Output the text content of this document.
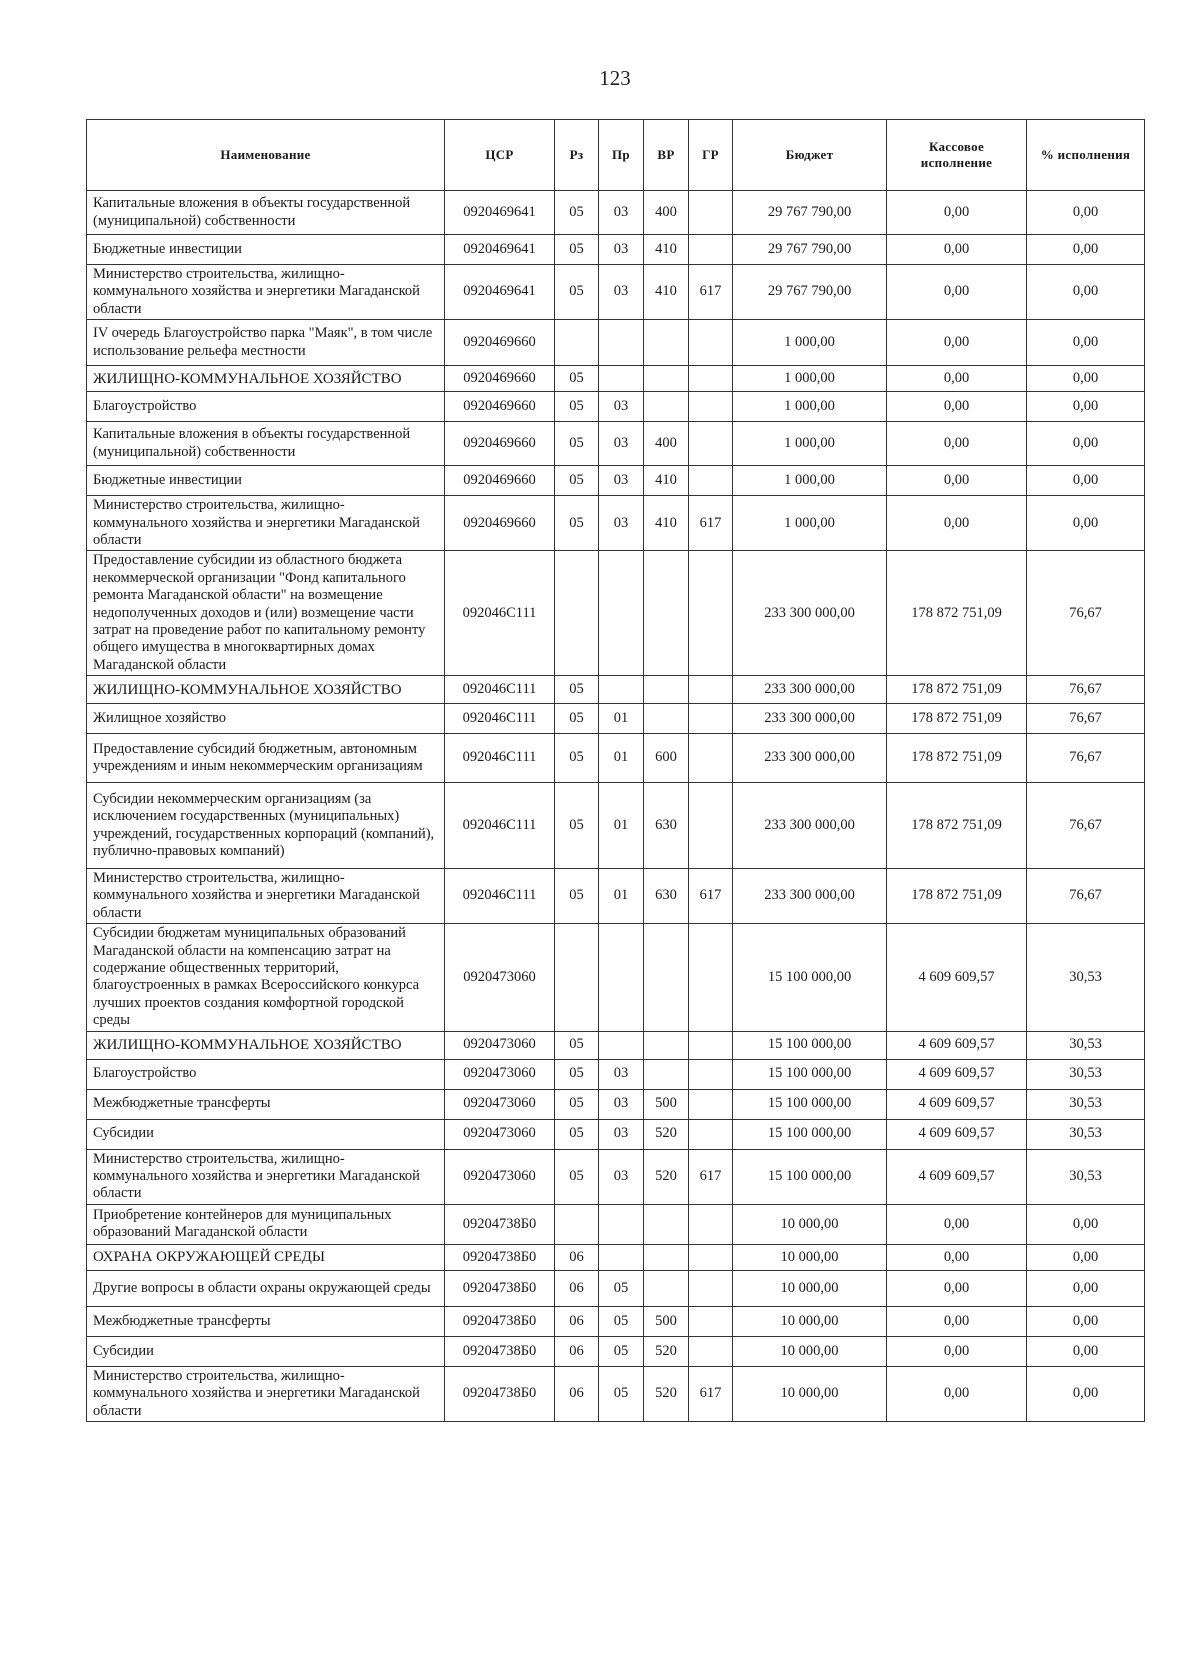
123
Наименование	ЦСР	Рз	Пр	ВР	ГР	Бюджет	Кассовое исполнение	% исполнения
Капитальные вложения в объекты государственной (муниципальной) собственности	0920469641	05	03	400		29 767 790,00	0,00	0,00
Бюджетные инвестиции	0920469641	05	03	410		29 767 790,00	0,00	0,00
Министерство строительства, жилищно-коммунального хозяйства и энергетики Магаданской области	0920469641	05	03	410	617	29 767 790,00	0,00	0,00
IV очередь Благоустройство парка "Маяк", в том числе использование рельефа местности	0920469660					1 000,00	0,00	0,00
ЖИЛИЩНО-КОММУНАЛЬНОЕ ХОЗЯЙСТВО	0920469660	05				1 000,00	0,00	0,00
Благоустройство	0920469660	05	03			1 000,00	0,00	0,00
Капитальные вложения в объекты государственной (муниципальной) собственности	0920469660	05	03	400		1 000,00	0,00	0,00
Бюджетные инвестиции	0920469660	05	03	410		1 000,00	0,00	0,00
Министерство строительства, жилищно-коммунального хозяйства и энергетики Магаданской области	0920469660	05	03	410	617	1 000,00	0,00	0,00
Предоставление субсидии из областного бюджета некоммерческой организации "Фонд капитального ремонта Магаданской области" на возмещение недополученных доходов и (или) возмещение части затрат на проведение работ по капитальному ремонту общего имущества в многоквартирных домах Магаданской области	092046С111					233 300 000,00	178 872 751,09	76,67
ЖИЛИЩНО-КОММУНАЛЬНОЕ ХОЗЯЙСТВО	092046С111	05				233 300 000,00	178 872 751,09	76,67
Жилищное хозяйство	092046С111	05	01			233 300 000,00	178 872 751,09	76,67
Предоставление субсидий бюджетным, автономным учреждениям и иным некоммерческим организациям	092046С111	05	01	600		233 300 000,00	178 872 751,09	76,67
Субсидии некоммерческим организациям (за исключением государственных (муниципальных) учреждений, государственных корпораций (компаний), публично-правовых компаний)	092046С111	05	01	630		233 300 000,00	178 872 751,09	76,67
Министерство строительства, жилищно-коммунального хозяйства и энергетики Магаданской области	092046С111	05	01	630	617	233 300 000,00	178 872 751,09	76,67
Субсидии бюджетам муниципальных образований Магаданской области на компенсацию затрат на содержание общественных территорий, благоустроенных в рамках Всероссийского конкурса лучших проектов создания комфортной городской среды	0920473060					15 100 000,00	4 609 609,57	30,53
ЖИЛИЩНО-КОММУНАЛЬНОЕ ХОЗЯЙСТВО	0920473060	05				15 100 000,00	4 609 609,57	30,53
Благоустройство	0920473060	05	03			15 100 000,00	4 609 609,57	30,53
Межбюджетные трансферты	0920473060	05	03	500		15 100 000,00	4 609 609,57	30,53
Субсидии	0920473060	05	03	520		15 100 000,00	4 609 609,57	30,53
Министерство строительства, жилищно-коммунального хозяйства и энергетики Магаданской области	0920473060	05	03	520	617	15 100 000,00	4 609 609,57	30,53
Приобретение контейнеров для муниципальных образований Магаданской области	09204738Б0					10 000,00	0,00	0,00
ОХРАНА ОКРУЖАЮЩЕЙ СРЕДЫ	09204738Б0	06				10 000,00	0,00	0,00
Другие вопросы в области охраны окружающей среды	09204738Б0	06	05			10 000,00	0,00	0,00
Межбюджетные трансферты	09204738Б0	06	05	500		10 000,00	0,00	0,00
Субсидии	09204738Б0	06	05	520		10 000,00	0,00	0,00
Министерство строительства, жилищно-коммунального хозяйства и энергетики Магаданской области	09204738Б0	06	05	520	617	10 000,00	0,00	0,00
